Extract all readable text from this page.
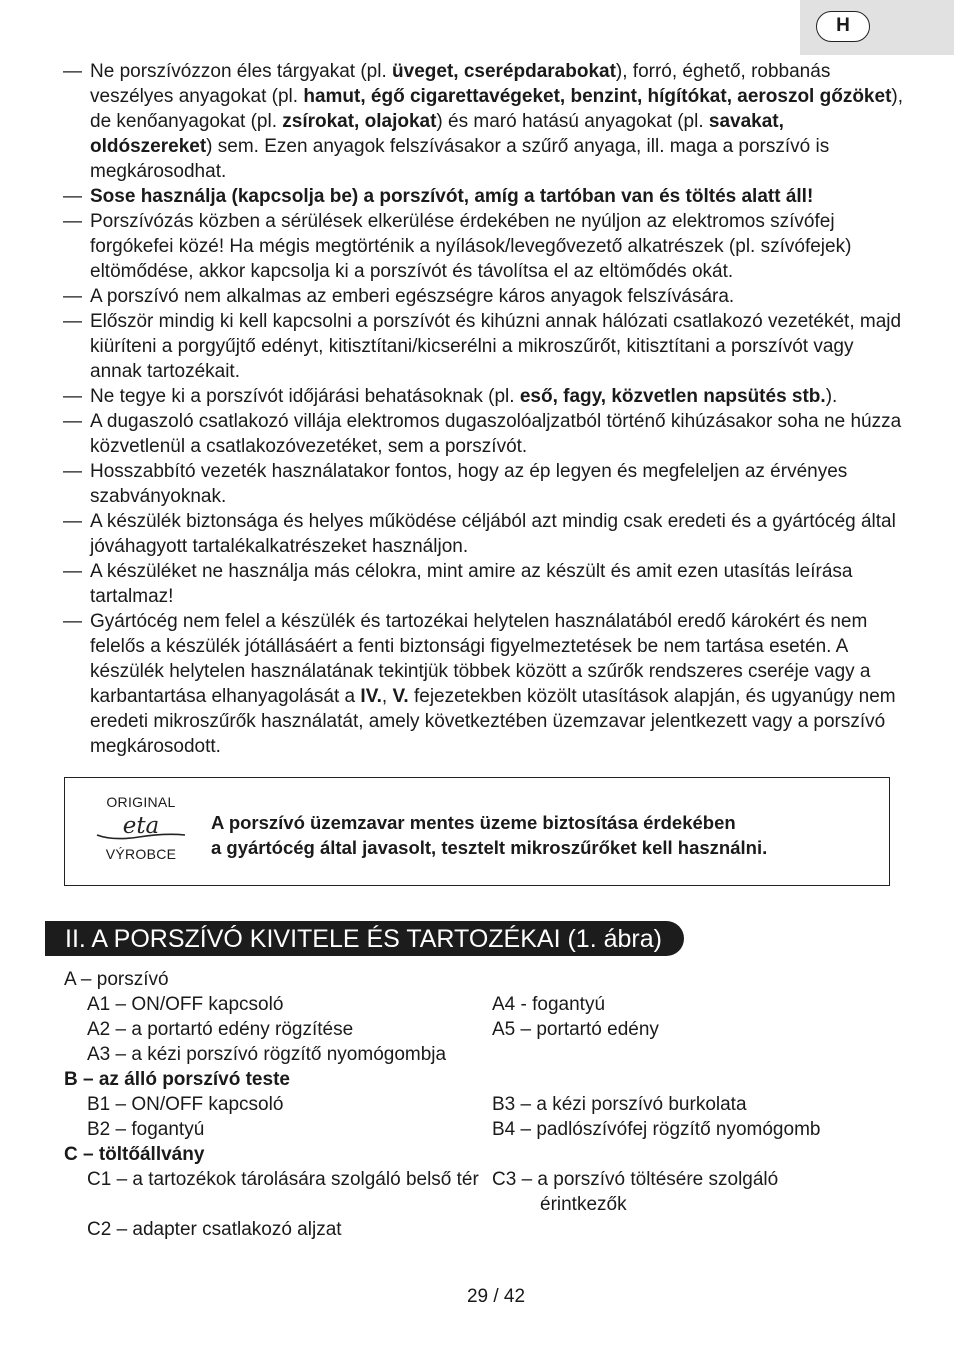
H
— Ne porszívózzon éles tárgyakat (pl. üveget, cserépdarabokat), forró, éghető, robbanás veszélyes anyagokat (pl. hamut, égő cigarettavégeket, benzint, hígítókat, aeroszol gőzöket), de kenőanyagokat (pl. zsírokat, olajokat) és maró hatású anyagokat (pl. savakat, oldószereket) sem. Ezen anyagok felszívásakor a szűrő anyaga, ill. maga a porszívó is megkárosodhat.
— Sose használja (kapcsolja be) a porszívót, amíg a tartóban van és töltés alatt áll!
— Porszívózás közben a sérülések elkerülése érdekében ne nyúljon az elektromos szívófej forgókefei közé! Ha mégis megtörténik a nyílások/levegővezető alkatrészek (pl. szívófejek) eltömődése, akkor kapcsolja ki a porszívót és távolítsa el az eltömődés okát.
— A porszívó nem alkalmas az emberi egészségre káros anyagok felszívására.
— Először mindig ki kell kapcsolni a porszívót és kihúzni annak hálózati csatlakozó vezetékét, majd kiüríteni a porgyűjtő edényt, kitisztítani/kicserélni a mikroszűrőt, kitisztítani a porszívót vagy annak tartozékait.
— Ne tegye ki a porszívót időjárási behatásoknak (pl. eső, fagy, közvetlen napsütés stb.).
— A dugaszoló csatlakozó villája elektromos dugaszolóaljzatból történő kihúzásakor soha ne húzza közvetlenül a csatlakozóvezetéket, sem a porszívót.
— Hosszabbító vezeték használatakor fontos, hogy az ép legyen és megfeleljen az érvényes szabványoknak.
— A készülék biztonsága és helyes működése céljából azt mindig csak eredeti és a gyártócég által jóváhagyott tartalékalkatrészeket használjon.
— A készüléket ne használja más célokra, mint amire az készült és amit ezen utasítás leírása tartalmaz!
— Gyártócég nem felel a készülék és tartozékai helytelen használatából eredő károkért és nem felelős a készülék jótállásáért a fenti biztonsági figyelmeztetések be nem tartása esetén. A készülék helytelen használatának tekintjük többek között a szűrők rendszeres cseréje vagy a karbantartása elhanyagolását a IV., V. fejezetekben közölt utasítások alapján, és ugyanúgy nem eredeti mikroszűrők használatát, amely következtében üzemzavar jelentkezett vagy a porszívó megkárosodott.
ORIGINAL
eta
VÝROBCE
A porszívó üzemzavar mentes üzeme biztosítása érdekében
a gyártócég által javasolt, tesztelt mikroszűrőket kell használni.
II. A PORSZÍVÓ KIVITELE ÉS TARTOZÉKAI (1. ábra)
A – porszívó
A1 – ON/OFF kapcsoló	A4 - fogantyú
A2 – a portartó edény rögzítése	A5 – portartó edény
A3 – a kézi porszívó rögzítő nyomógombja
B – az álló porszívó teste
B1 – ON/OFF kapcsoló	B3 – a kézi porszívó burkolata
B2 – fogantyú	B4 – padlószívófej rögzítő nyomógomb
C – töltőállvány
C1 – a tartozékok tárolására szolgáló belső tér C3 – a porszívó töltésére szolgáló
érintkezők
C2 – adapter csatlakozó aljzat
29 / 42
